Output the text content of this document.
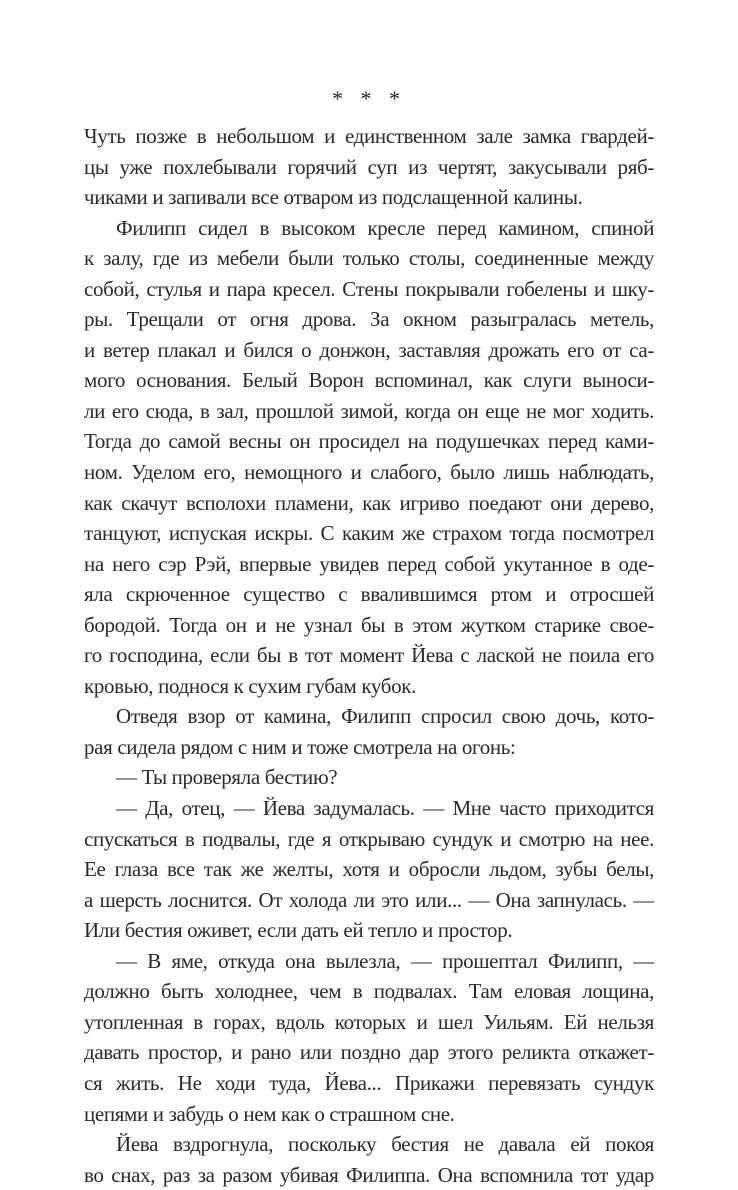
* * *
Чуть позже в небольшом и единственном зале замка гвардей-
цы уже похлебывали горячий суп из чертят, закусывали ряб-
чиками и запивали все отваром из подслащенной калины.
Филипп сидел в высоком кресле перед камином, спиной
к залу, где из мебели были только столы, соединенные между
собой, стулья и пара кресел. Стены покрывали гобелены и шку-
ры. Трещали от огня дрова. За окном разыгралась метель,
и ветер плакал и бился о донжон, заставляя дрожать его от са-
мого основания. Белый Ворон вспоминал, как слуги выноси-
ли его сюда, в зал, прошлой зимой, когда он еще не мог ходить.
Тогда до самой весны он просидел на подушечках перед ками-
ном. Уделом его, немощного и слабого, было лишь наблюдать,
как скачут всполохи пламени, как игриво поедают они дерево,
танцуют, испуская искры. С каким же страхом тогда посмотрел
на него сэр Рэй, впервые увидев перед собой укутанное в оде-
яла скрюченное существо с ввалившимся ртом и отросшей
бородой. Тогда он и не узнал бы в этом жутком старике свое-
го господина, если бы в тот момент Йева с лаской не поила его
кровью, поднося к сухим губам кубок.
Отведя взор от камина, Филипп спросил свою дочь, кото-
рая сидела рядом с ним и тоже смотрела на огонь:
— Ты проверяла бестию?
— Да, отец, — Йева задумалась. — Мне часто приходится
спускаться в подвалы, где я открываю сундук и смотрю на нее.
Ее глаза все так же желты, хотя и обросли льдом, зубы белы,
а шерсть лоснится. От холода ли это или... — Она запнулась. —
Или бестия оживет, если дать ей тепло и простор.
— В яме, откуда она вылезла, — прошептал Филипп, —
должно быть холоднее, чем в подвалах. Там еловая лощина,
утопленная в горах, вдоль которых и шел Уильям. Ей нельзя
давать простор, и рано или поздно дар этого реликта откажет-
ся жить. Не ходи туда, Йева... Прикажи перевязать сундук
цепями и забудь о нем как о страшном сне.
Йева вздрогнула, поскольку бестия не давала ей покоя
во снах, раз за разом убивая Филиппа. Она вспомнила тот удар
